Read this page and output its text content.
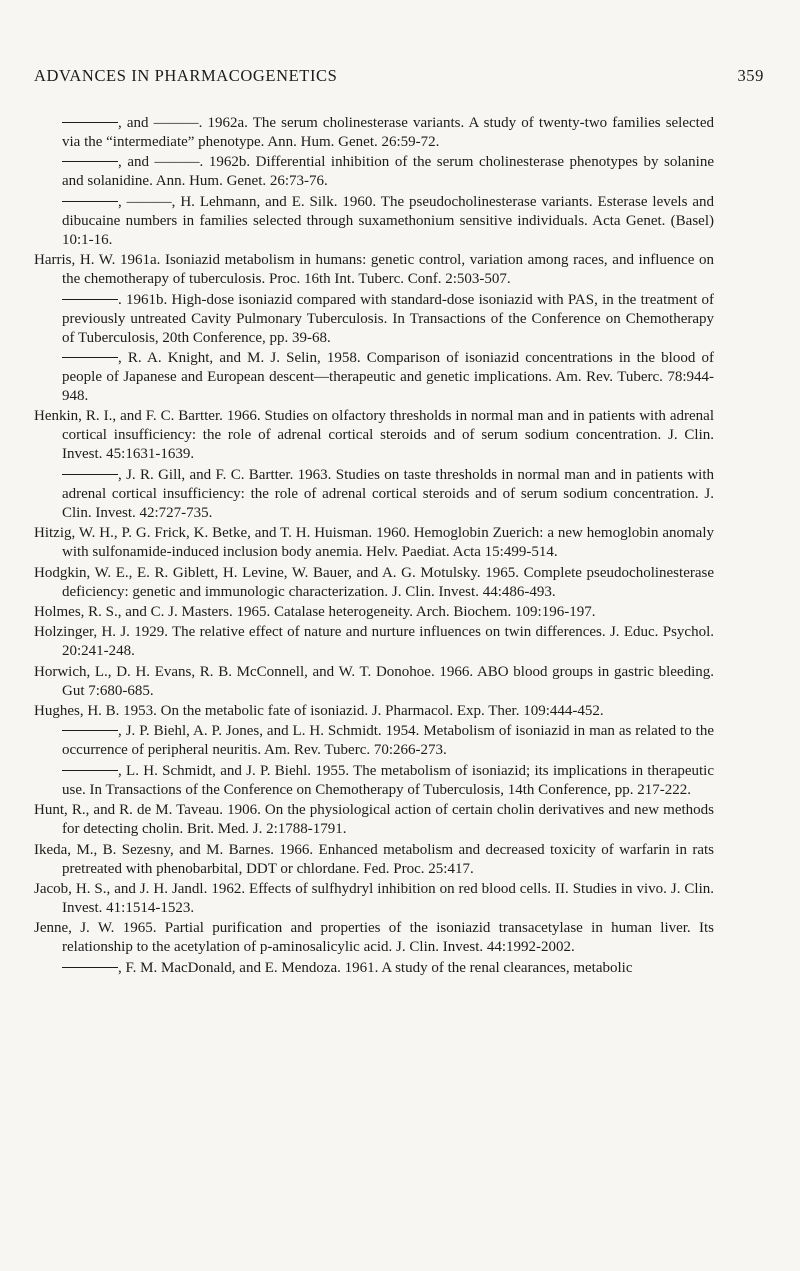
ADVANCES IN PHARMACOGENETICS	359

, and ———. 1962a. The serum cholinesterase variants. A study of twenty-two families selected via the “intermediate” phenotype. Ann. Hum. Genet. 26:59-72.

, and ———. 1962b. Differential inhibition of the serum cholinesterase phenotypes by solanine and solanidine. Ann. Hum. Genet. 26:73-76.

, ———, H. Lehmann, and E. Silk. 1960. The pseudocholinesterase variants. Esterase levels and dibucaine numbers in families selected through suxamethonium sensitive individuals. Acta Genet. (Basel) 10:1-16.

Harris, H. W. 1961a. Isoniazid metabolism in humans: genetic control, variation among races, and influence on the chemotherapy of tuberculosis. Proc. 16th Int. Tuberc. Conf. 2:503-507.

. 1961b. High-dose isoniazid compared with standard-dose isoniazid with PAS, in the treatment of previously untreated Cavity Pulmonary Tuberculosis. In Transactions of the Conference on Chemotherapy of Tuberculosis, 20th Conference, pp. 39-68.

, R. A. Knight, and M. J. Selin, 1958. Comparison of isoniazid concentrations in the blood of people of Japanese and European descent—therapeutic and genetic implications. Am. Rev. Tuberc. 78:944-948.

Henkin, R. I., and F. C. Bartter. 1966. Studies on olfactory thresholds in normal man and in patients with adrenal cortical insufficiency: the role of adrenal cortical steroids and of serum sodium concentration. J. Clin. Invest. 45:1631-1639.

, J. R. Gill, and F. C. Bartter. 1963. Studies on taste thresholds in normal man and in patients with adrenal cortical insufficiency: the role of adrenal cortical steroids and of serum sodium concentration. J. Clin. Invest. 42:727-735.

Hitzig, W. H., P. G. Frick, K. Betke, and T. H. Huisman. 1960. Hemoglobin Zuerich: a new hemoglobin anomaly with sulfonamide-induced inclusion body anemia. Helv. Paediat. Acta 15:499-514.

Hodgkin, W. E., E. R. Giblett, H. Levine, W. Bauer, and A. G. Motulsky. 1965. Complete pseudocholinesterase deficiency: genetic and immunologic characterization. J. Clin. Invest. 44:486-493.

Holmes, R. S., and C. J. Masters. 1965. Catalase heterogeneity. Arch. Biochem. 109:196-197.

Holzinger, H. J. 1929. The relative effect of nature and nurture influences on twin differences. J. Educ. Psychol. 20:241-248.

Horwich, L., D. H. Evans, R. B. McConnell, and W. T. Donohoe. 1966. ABO blood groups in gastric bleeding. Gut 7:680-685.

Hughes, H. B. 1953. On the metabolic fate of isoniazid. J. Pharmacol. Exp. Ther. 109:444-452.

, J. P. Biehl, A. P. Jones, and L. H. Schmidt. 1954. Metabolism of isoniazid in man as related to the occurrence of peripheral neuritis. Am. Rev. Tuberc. 70:266-273.

, L. H. Schmidt, and J. P. Biehl. 1955. The metabolism of isoniazid; its implications in therapeutic use. In Transactions of the Conference on Chemotherapy of Tuberculosis, 14th Conference, pp. 217-222.

Hunt, R., and R. de M. Taveau. 1906. On the physiological action of certain cholin derivatives and new methods for detecting cholin. Brit. Med. J. 2:1788-1791.

Ikeda, M., B. Sezesny, and M. Barnes. 1966. Enhanced metabolism and decreased toxicity of warfarin in rats pretreated with phenobarbital, DDT or chlordane. Fed. Proc. 25:417.

Jacob, H. S., and J. H. Jandl. 1962. Effects of sulfhydryl inhibition on red blood cells. II. Studies in vivo. J. Clin. Invest. 41:1514-1523.

Jenne, J. W. 1965. Partial purification and properties of the isoniazid transacetylase in human liver. Its relationship to the acetylation of p-aminosalicylic acid. J. Clin. Invest. 44:1992-2002.

, F. M. MacDonald, and E. Mendoza. 1961. A study of the renal clearances, metabolic
